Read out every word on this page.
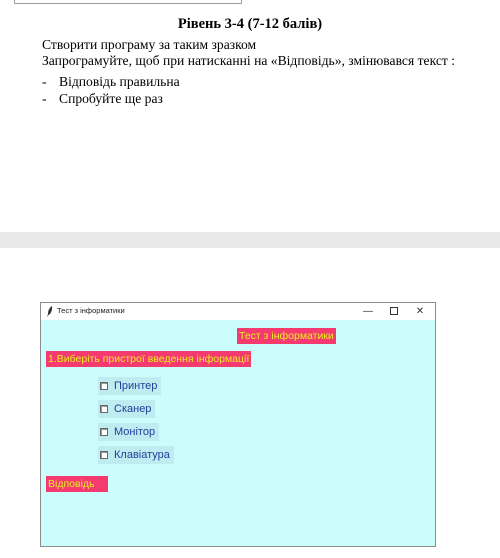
Рівень 3-4 (7-12 балів)
Створити програму за таким зразком
Запрограмуйте, щоб при натисканні на «Відповідь», змінювався текст :
- Відповідь правильна
- Спробуйте ще раз
Тест з інформатики	—	✕
Тест з інформатики
1.Виберіть пристрої введення інформації
Принтер
Сканер
Монітор
Клавіатура
Відповідь
